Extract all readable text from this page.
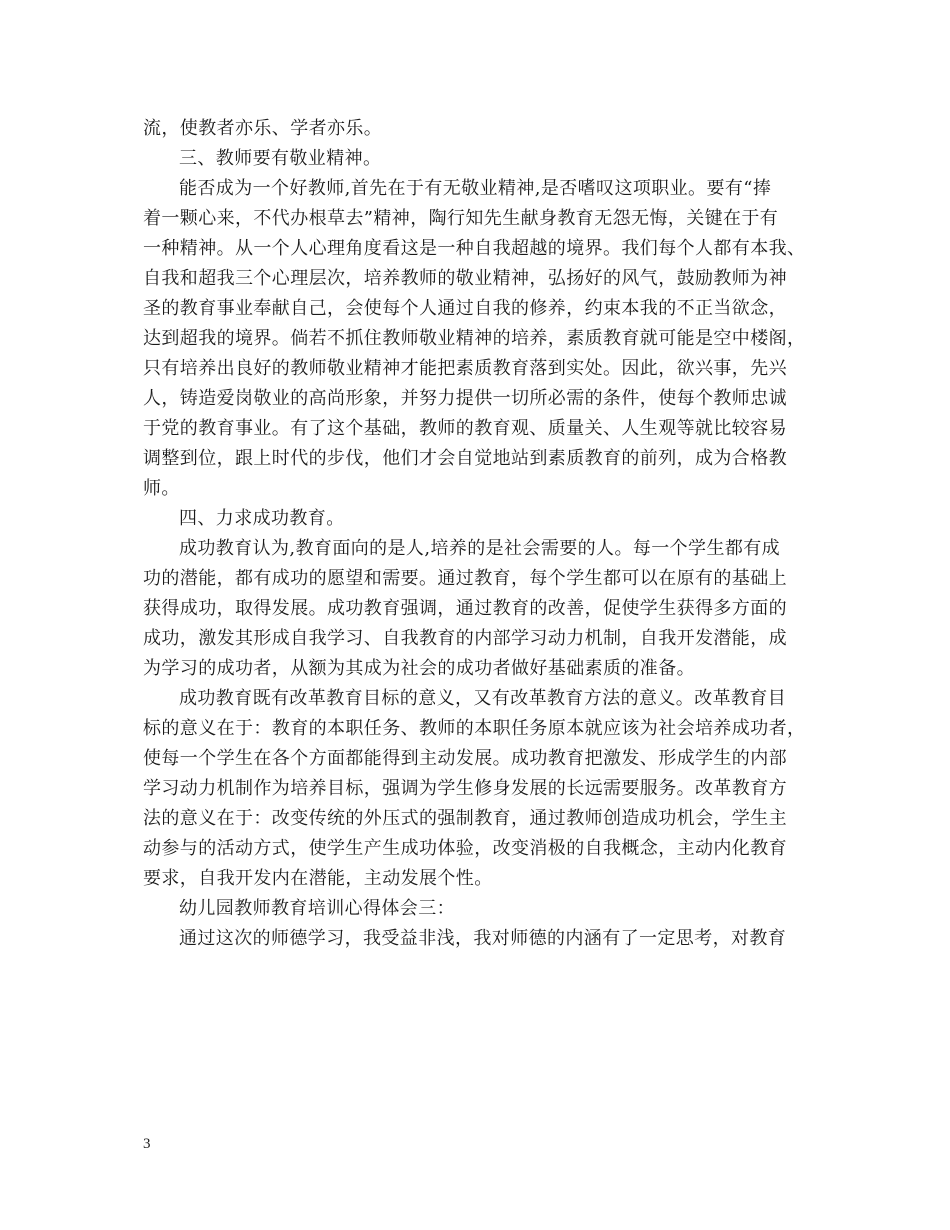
流，使教者亦乐、学者亦乐。
三、教师要有敬业精神。
能否成为一个好教师,首先在于有无敬业精神,是否嗜叹这项职业。要有“捧
着一颗心来，不代办根草去”精神，陶行知先生献身教育无怨无悔，关键在于有
一种精神。从一个人心理角度看这是一种自我超越的境界。我们每个人都有本我、
自我和超我三个心理层次，培养教师的敬业精神，弘扬好的风气，鼓励教师为神
圣的教育事业奉献自己，会使每个人通过自我的修养，约束本我的不正当欲念，
达到超我的境界。倘若不抓住教师敬业精神的培养，素质教育就可能是空中楼阁，
只有培养出良好的教师敬业精神才能把素质教育落到实处。因此，欲兴事，先兴
人，铸造爱岗敬业的高尚形象，并努力提供一切所必需的条件，使每个教师忠诚
于党的教育事业。有了这个基础，教师的教育观、质量关、人生观等就比较容易
调整到位，跟上时代的步伐，他们才会自觉地站到素质教育的前列，成为合格教
师。
四、力求成功教育。
成功教育认为,教育面向的是人,培养的是社会需要的人。每一个学生都有成
功的潜能，都有成功的愿望和需要。通过教育，每个学生都可以在原有的基础上
获得成功，取得发展。成功教育强调，通过教育的改善，促使学生获得多方面的
成功，激发其形成自我学习、自我教育的内部学习动力机制，自我开发潜能，成
为学习的成功者，从额为其成为社会的成功者做好基础素质的准备。
成功教育既有改革教育目标的意义，又有改革教育方法的意义。改革教育目
标的意义在于：教育的本职任务、教师的本职任务原本就应该为社会培养成功者，
使每一个学生在各个方面都能得到主动发展。成功教育把激发、形成学生的内部
学习动力机制作为培养目标，强调为学生修身发展的长远需要服务。改革教育方
法的意义在于：改变传统的外压式的强制教育，通过教师创造成功机会，学生主
动参与的活动方式，使学生产生成功体验，改变消极的自我概念，主动内化教育
要求，自我开发内在潜能，主动发展个性。
幼儿园教师教育培训心得体会三：
通过这次的师德学习，我受益非浅，我对师德的内涵有了一定思考，对教育
3
